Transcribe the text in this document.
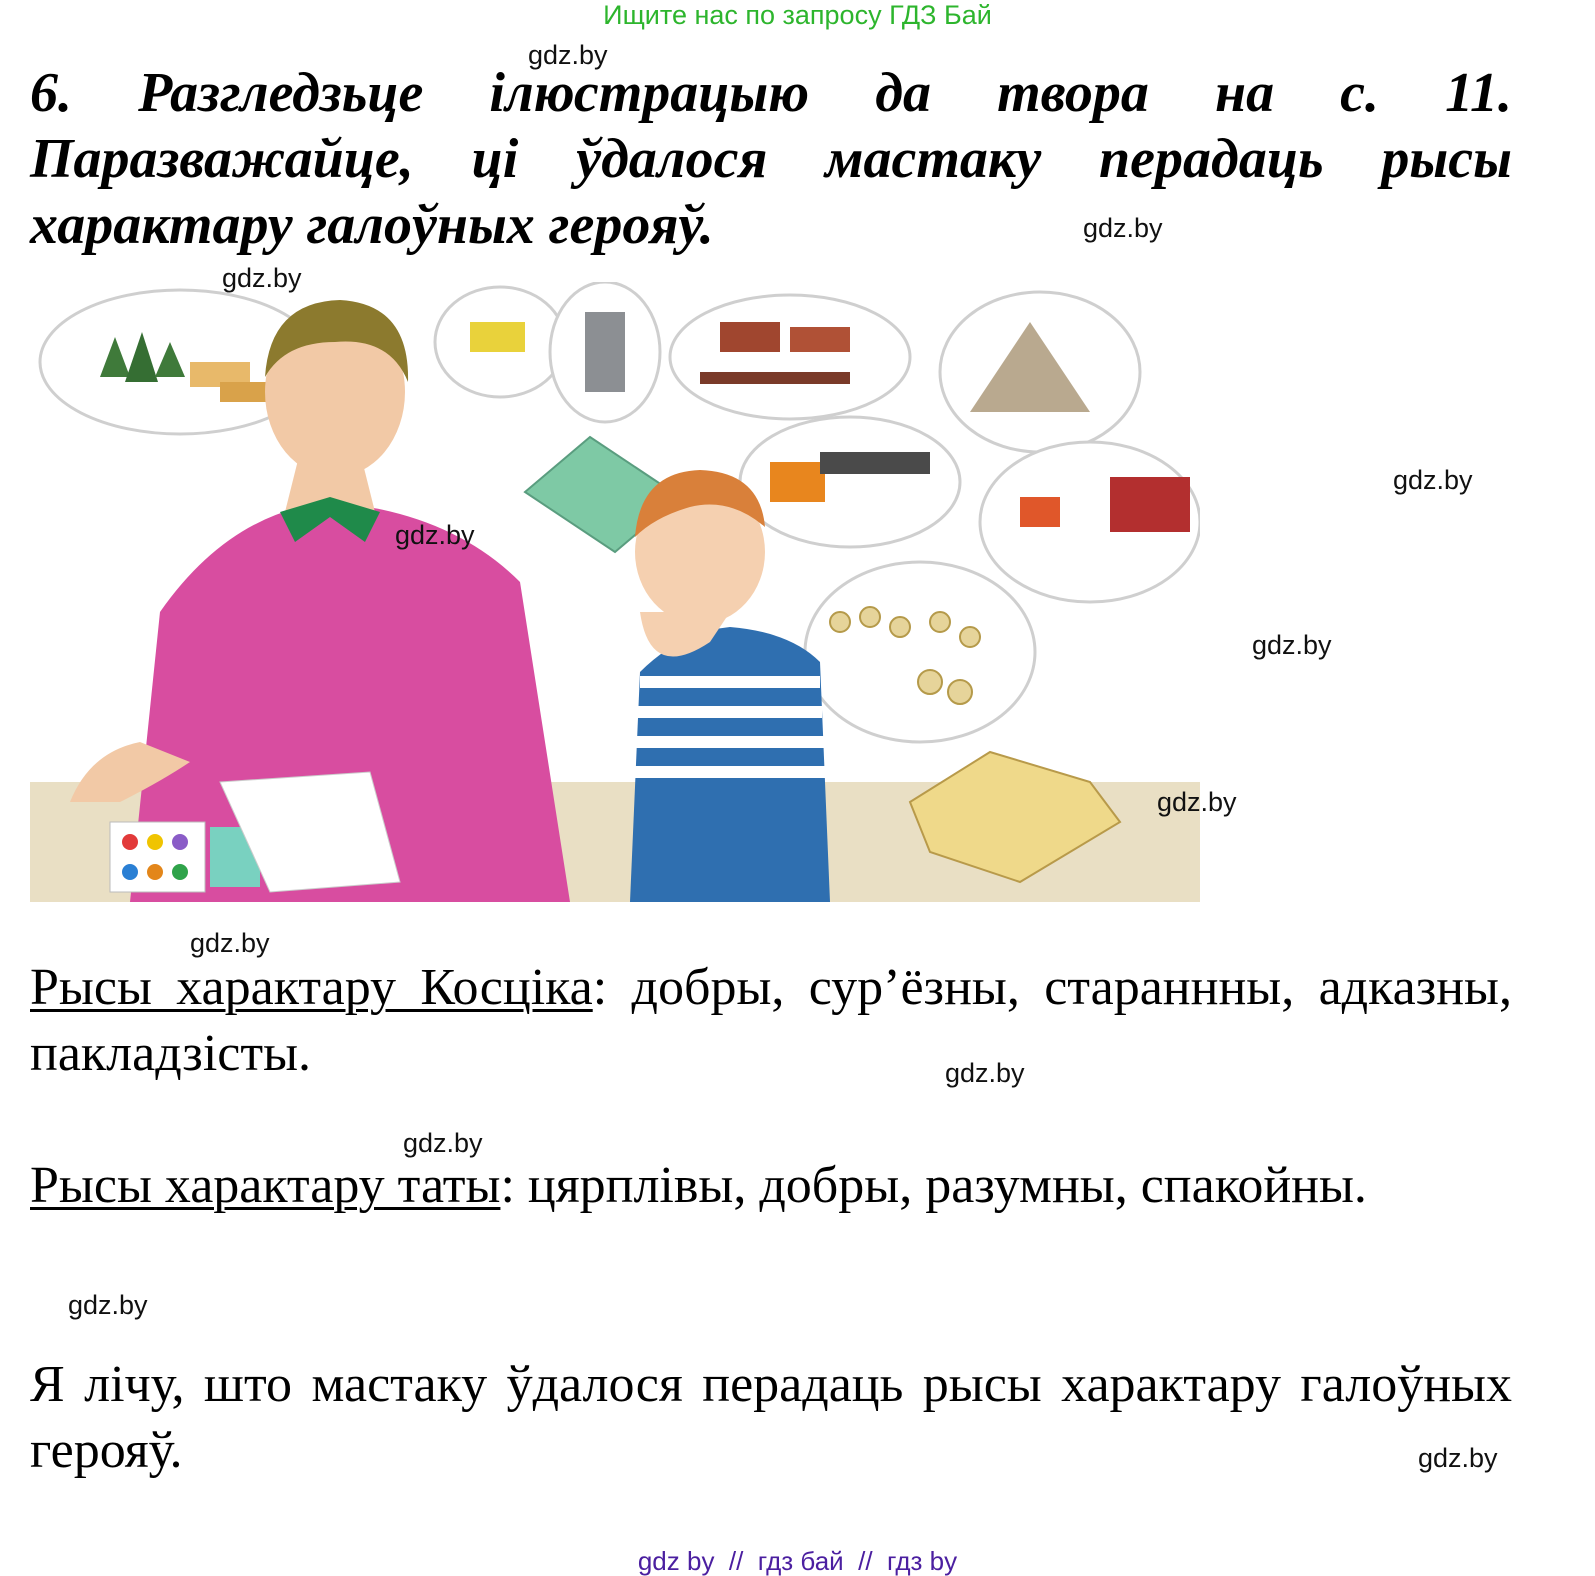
Ищите нас по запросу ГДЗ Бай
6. Разгледзьце ілюстрацыю да твора на с. 11. Паразважайце, ці ўдалося мастаку перадаць рысы характару галоўных герояў.
gdz.by
gdz.by
gdz.by
gdz.by
gdz.by
gdz.by
gdz.by
gdz.by
gdz.by
gdz.by
gdz.by
gdz.by
Рысы характару Косціка: добры, сур’ёзны, стараннны, адказны, пакладзісты.
Рысы характару таты: цярплівы, добры, разумны, спакойны.
Я лічу, што мастаку ўдалося перадаць рысы характару галоўных герояў.
gdz by  //  гдз бай  //  гдз by
